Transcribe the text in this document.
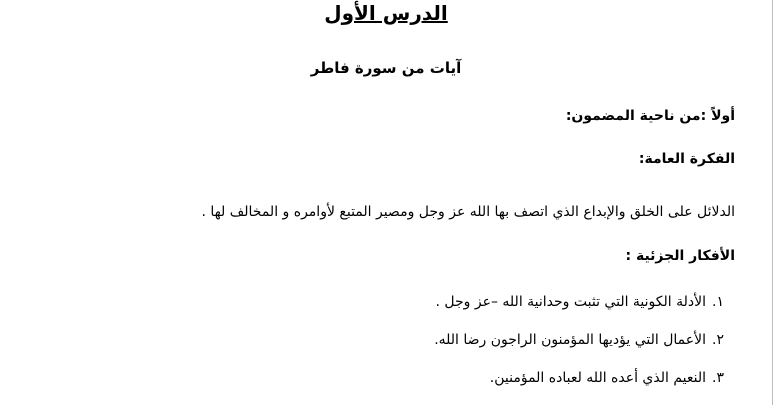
الدرس الأول
آيات من سورة فاطر
أولاً :من ناحية المضمون:
الفكرة العامة:
الدلائل على الخلق والإبداع الذي اتصف بها الله عز وجل ومصير المتبع لأوامره و المخالف لها .
الأفكار الجزئية :
١.الأدلة الكونية التي تثبت وحدانية الله –عز وجل .
٢.الأعمال التي يؤديها المؤمنون الراجون رضا الله.
٣.النعيم الذي أعده الله لعباده المؤمنين.
